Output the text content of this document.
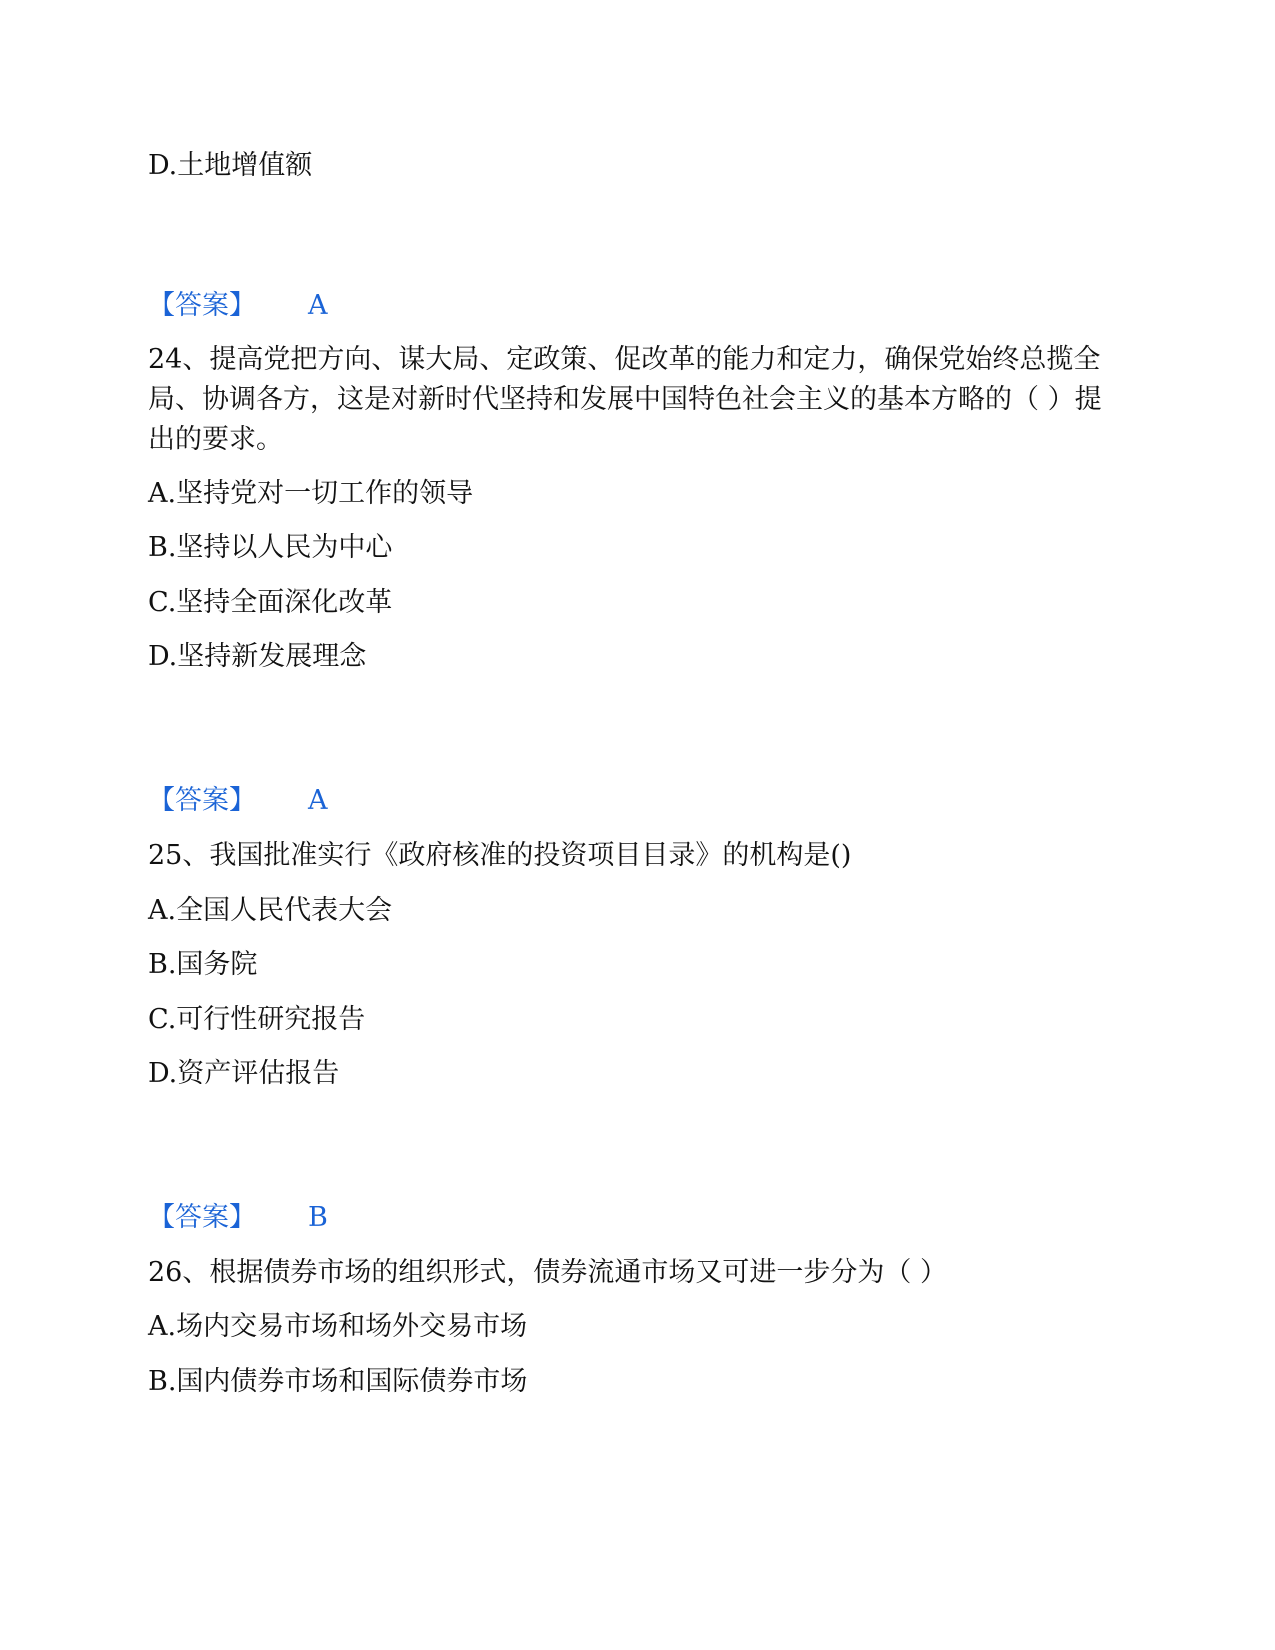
D.土地增值额
【答案】 A
24、提高党把方向、谋大局、定政策、促改革的能力和定力，确保党始终总揽全局、协调各方，这是对新时代坚持和发展中国特色社会主义的基本方略的（ ）提出的要求。
A.坚持党对一切工作的领导
B.坚持以人民为中心
C.坚持全面深化改革
D.坚持新发展理念
【答案】 A
25、我国批准实行《政府核准的投资项目目录》的机构是()
A.全国人民代表大会
B.国务院
C.可行性研究报告
D.资产评估报告
【答案】 B
26、根据债券市场的组织形式，债券流通市场又可进一步分为（ ）
A.场内交易市场和场外交易市场
B.国内债券市场和国际债券市场
